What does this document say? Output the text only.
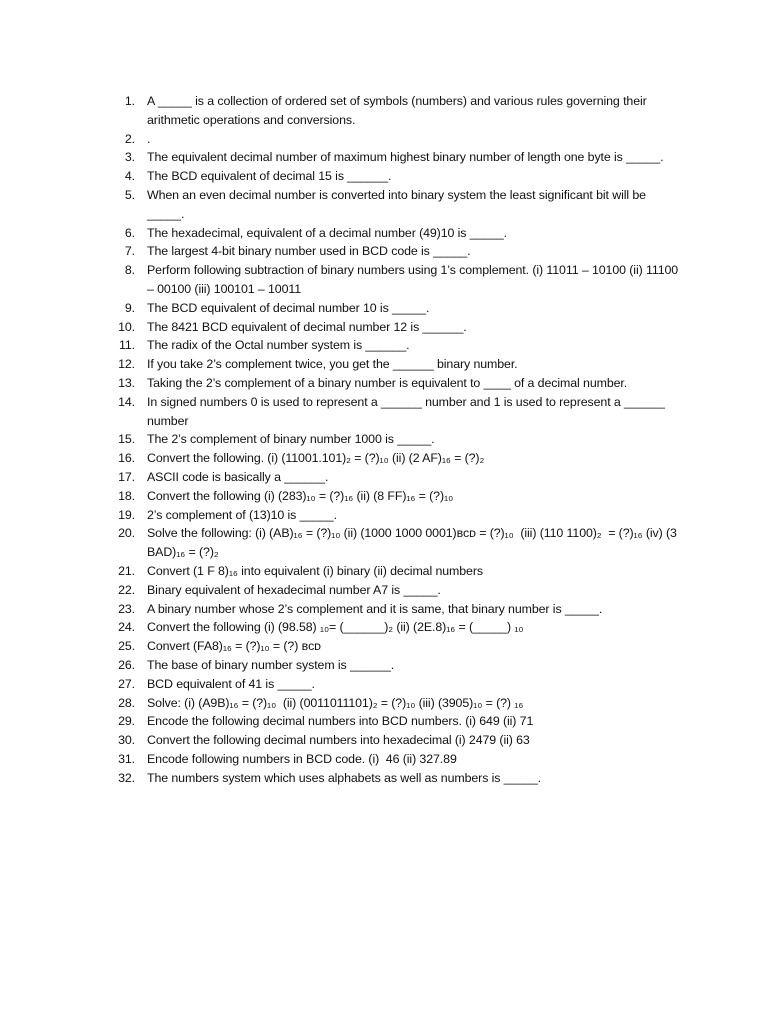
1. A _____ is a collection of ordered set of symbols (numbers) and various rules governing their arithmetic operations and conversions.
2. .
3. The equivalent decimal number of maximum highest binary number of length one byte is _____.
4. The BCD equivalent of decimal 15 is ______.
5. When an even decimal number is converted into binary system the least significant bit will be _____.
6. The hexadecimal, equivalent of a decimal number (49)10 is _____.
7. The largest 4-bit binary number used in BCD code is _____.
8. Perform following subtraction of binary numbers using 1’s complement. (i) 11011 – 10100 (ii) 11100 – 00100 (iii) 100101 – 10011
9. The BCD equivalent of decimal number 10 is _____.
10. The 8421 BCD equivalent of decimal number 12 is ______.
11. The radix of the Octal number system is ______.
12. If you take 2’s complement twice, you get the ______ binary number.
13. Taking the 2’s complement of a binary number is equivalent to ____ of a decimal number.
14. In signed numbers 0 is used to represent a ______ number and 1 is used to represent a ______ number
15. The 2’s complement of binary number 1000 is _____.
16. Convert the following. (i) (11001.101)₂ = (?)₁₀ (ii) (2 AF)₁₆ = (?)₂
17. ASCII code is basically a ______.
18. Convert the following (i) (283)₁₀ = (?)₁₆ (ii) (8 FF)₁₆ = (?)₁₀
19. 2’s complement of (13)10 is _____.
20. Solve the following: (i) (AB)₁₆ = (?)₁₀ (ii) (1000 1000 0001)ʙᴄᴅ = (?)₁₀  (iii) (110 1100)₂  = (?)₁₆ (iv) (3 BAD)₁₆ = (?)₂
21. Convert (1 F 8)₁₆ into equivalent (i) binary (ii) decimal numbers
22. Binary equivalent of hexadecimal number A7 is _____.
23. A binary number whose 2’s complement and it is same, that binary number is _____.
24. Convert the following (i) (98.58) ₁₀= (______)₂ (ii) (2E.8)₁₆ = (_____) ₁₀
25. Convert (FA8)₁₆ = (?)₁₀ = (?) ʙᴄᴅ
26. The base of binary number system is ______.
27. BCD equivalent of 41 is _____.
28. Solve: (i) (A9B)₁₆ = (?)₁₀  (ii) (0011011101)₂ = (?)₁₀ (iii) (3905)₁₀ = (?) ₁₆
29. Encode the following decimal numbers into BCD numbers. (i) 649 (ii) 71
30. Convert the following decimal numbers into hexadecimal (i) 2479 (ii) 63
31. Encode following numbers in BCD code. (i)  46 (ii) 327.89
32. The numbers system which uses alphabets as well as numbers is _____.
